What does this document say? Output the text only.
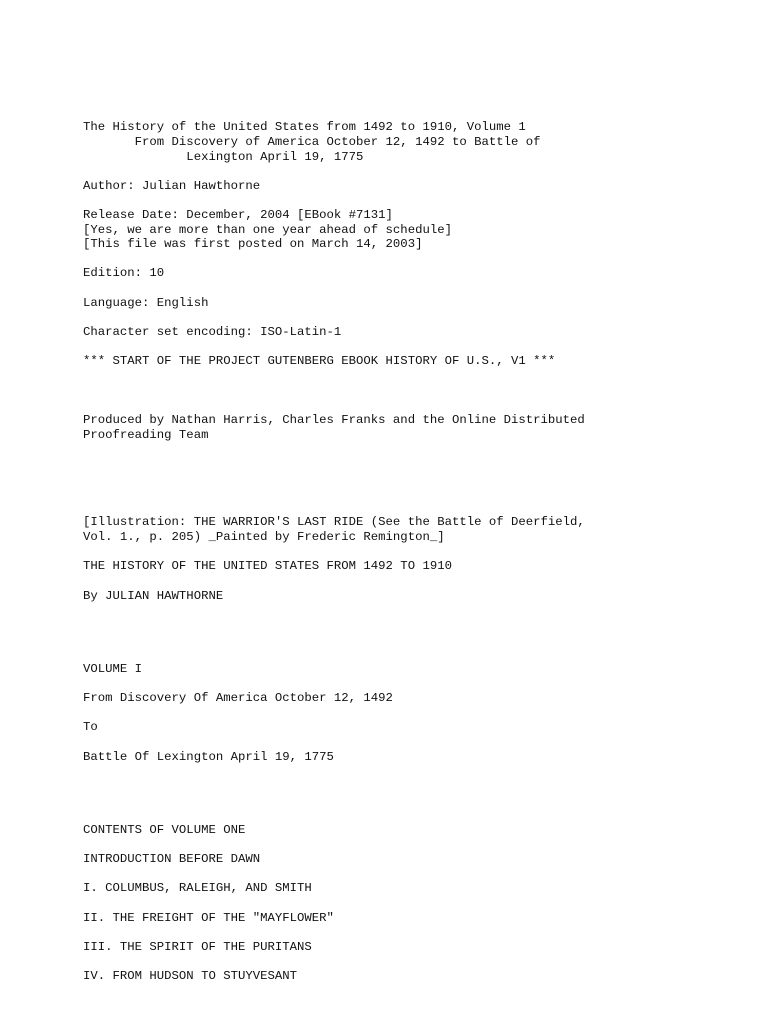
The History of the United States from 1492 to 1910, Volume 1

From Discovery of America October 12, 1492 to Battle of

Lexington April 19, 1775

Author: Julian Hawthorne

Release Date: December, 2004 [EBook #7131]

[Yes, we are more than one year ahead of schedule]

[This file was first posted on March 14, 2003]

Edition: 10

Language: English

Character set encoding: ISO-Latin-1

*** START OF THE PROJECT GUTENBERG EBOOK HISTORY OF U.S., V1 ***

Produced by Nathan Harris, Charles Franks and the Online Distributed

Proofreading Team

[Illustration: THE WARRIOR'S LAST RIDE (See the Battle of Deerfield,

Vol. 1., p. 205) _Painted by Frederic Remington_]

THE HISTORY OF THE UNITED STATES FROM 1492 TO 1910

By JULIAN HAWTHORNE

VOLUME I

From Discovery Of America October 12, 1492

To

Battle Of Lexington April 19, 1775

CONTENTS OF VOLUME ONE

INTRODUCTION BEFORE DAWN

I. COLUMBUS, RALEIGH, AND SMITH

II. THE FREIGHT OF THE "MAYFLOWER"

III. THE SPIRIT OF THE PURITANS

IV. FROM HUDSON TO STUYVESANT
